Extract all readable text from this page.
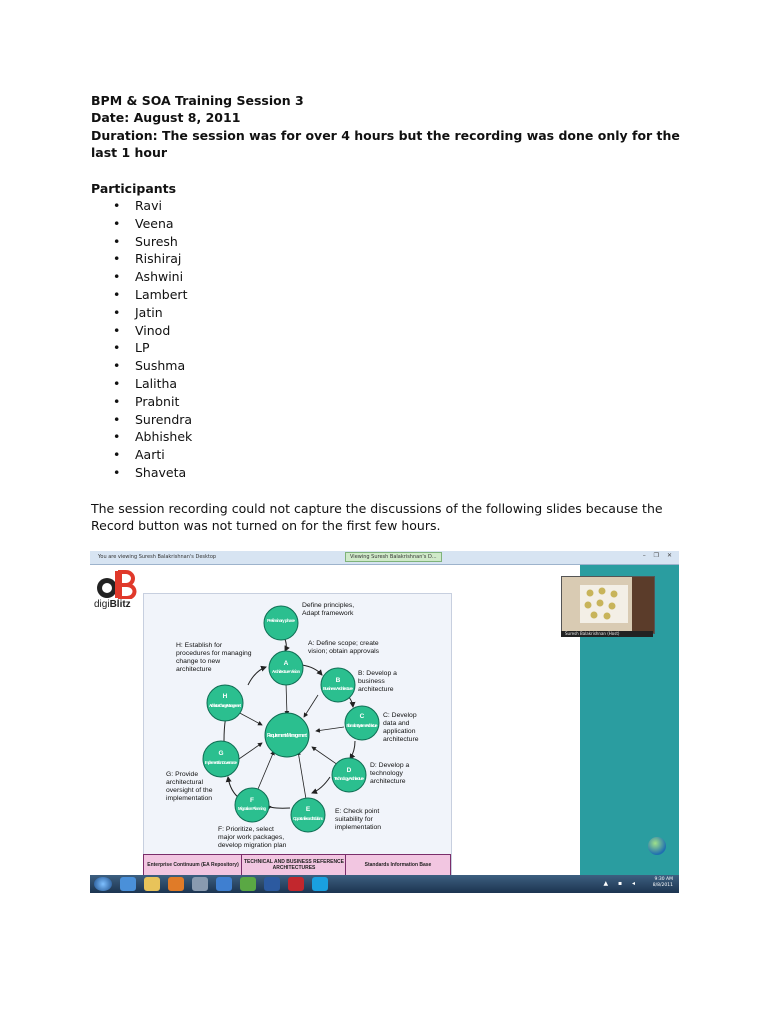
BPM & SOA Training Session 3
Date: August 8, 2011
Duration: The session was for over 4 hours but the recording was done only for the last 1 hour
Participants
• Ravi
• Veena
• Suresh
• Rishiraj
• Ashwini
• Lambert
• Jatin
• Vinod
• LP
• Sushma
• Lalitha
• Prabnit
• Surendra
• Abhishek
• Aarti
• Shaveta
The session recording could not capture the discussions of the following slides because the Record button was not turned on for the first few hours.
You are viewing Suresh Balakrishnan's Desktop	Viewing Suresh Balakrishnan's D...	– ❐ ✕
digiBlitz
Preliminary phase
A
Architecture Vision
B
Business Architecture
C
Information Systems Architecture
D
Technology Architecture
E
Opportunities and Solutions
F
Migration Planning
G
Implementation Governance
H
Architecture Change Management
Requirements Management
Define principles, Adapt framework
A: Define scope; create vision; obtain approvals
B: Develop a business architecture
C: Develop data and application architecture
D: Develop a technology architecture
E: Check point suitability for implementation
F: Prioritize, select major work packages, develop migration plan
G: Provide architectural oversight of the implementation
H: Establish for procedures for managing change to new architecture
Enterprise Continuum (EA Repository)	TECHNICAL AND BUSINESS REFERENCE ARCHITECTURES	Standards Information Base
Suresh Balakrishnan (Host)
▲ ▪ ◂
9:30 AM
8/8/2011
